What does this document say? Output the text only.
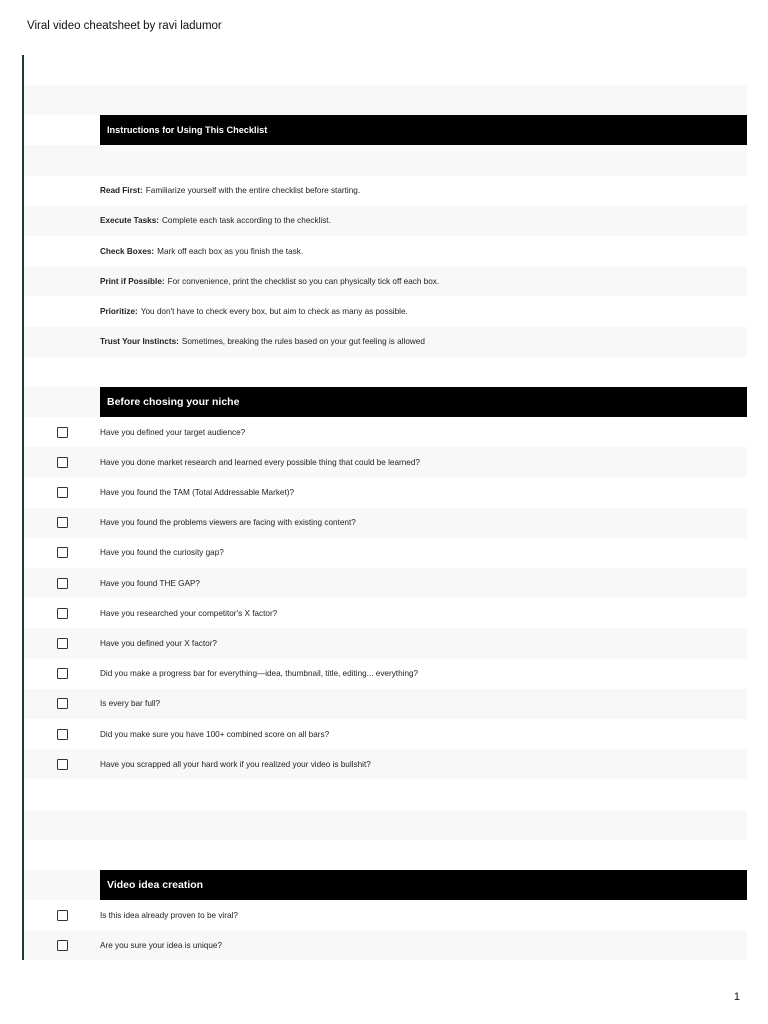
Viral video cheatsheet by ravi ladumor
Instructions for Using This Checklist
Read First: Familiarize yourself with the entire checklist before starting.
Execute Tasks: Complete each task according to the checklist.
Check Boxes: Mark off each box as you finish the task.
Print if Possible: For convenience, print the checklist so you can physically tick off each box.
Prioritize: You don't have to check every box, but aim to check as many as possible.
Trust Your Instincts: Sometimes, breaking the rules based on your gut feeling is allowed
Before chosing your niche
Have you defined your target audience?
Have you done market research and learned every possible thing that could be learned?
Have you found the TAM (Total Addressable Market)?
Have you found the problems viewers are facing with existing content?
Have you found the curiosity gap?
Have you found THE GAP?
Have you researched your competitor's X factor?
Have you defined your X factor?
Did you make a progress bar for everything—idea, thumbnail, title, editing... everything?
Is every bar full?
Did you make sure you have 100+ combined score on all bars?
Have you scrapped all your hard work if you realized your video is bullshit?
Video idea creation
Is this idea already proven to be viral?
Are you sure your idea is unique?
1
